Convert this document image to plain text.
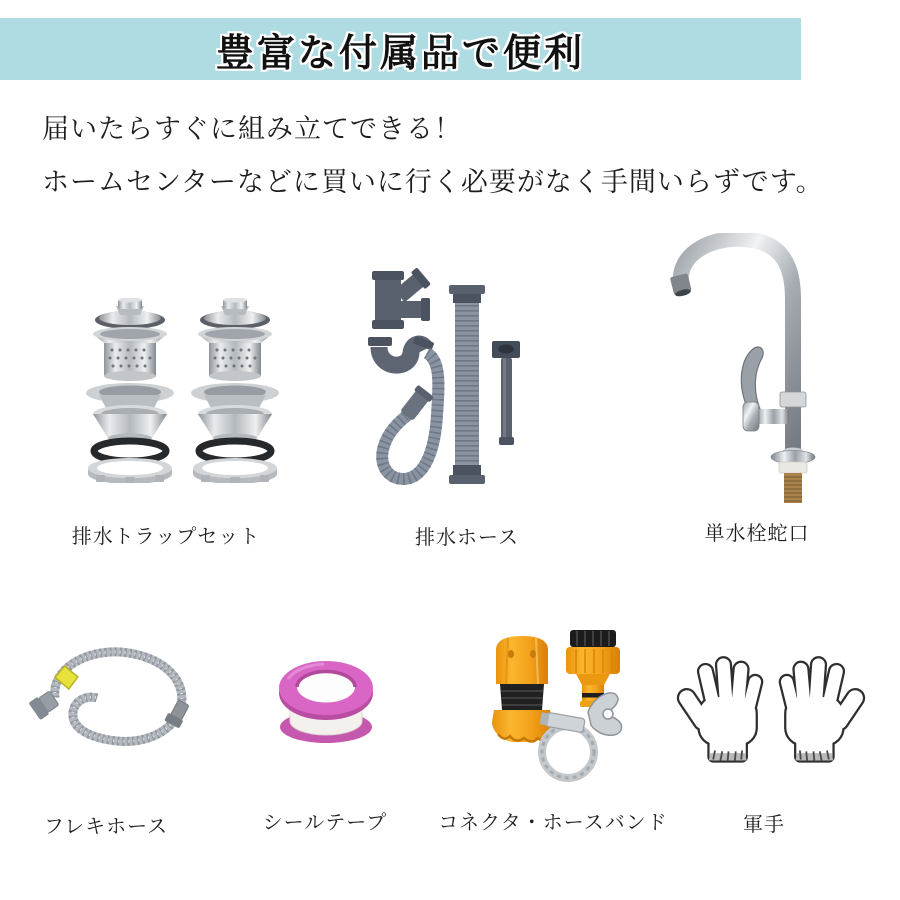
豊富な付属品で便利
届いたらすぐに組み立てできる！
ホームセンターなどに買いに行く必要がなく手間いらずです。
排水トラップセット	排水ホース	単水栓蛇口
フレキホース	シールテープ	コネクタ・ホースバンド	軍手
